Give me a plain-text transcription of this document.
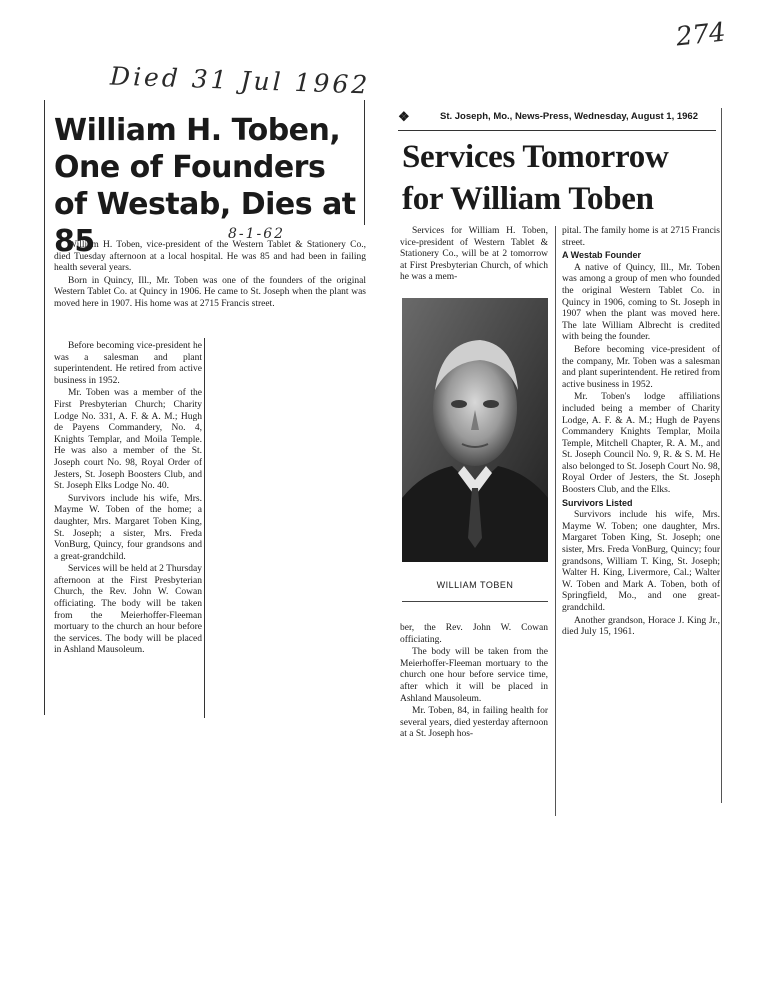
274
Died 31 Jul 1962
8-1-62
William H. Toben, One of Founders of Westab, Dies at 85

William H. Toben, vice-president of the Western Tablet & Stationery Co., died Tuesday afternoon at a local hospital. He was 85 and had been in failing health several years.

Born in Quincy, Ill., Mr. Toben was one of the founders of the original Western Tablet Co. at Quincy in 1906. He came to St. Joseph when the plant was moved here in 1907. His home was at 2715 Francis street.

Before becoming vice-president he was a salesman and plant superintendent. He retired from active business in 1952.

Mr. Toben was a member of the First Presbyterian Church; Charity Lodge No. 331, A. F. & A. M.; Hugh de Payens Commandery, No. 4, Knights Templar, and Moila Temple. He was also a member of the St. Joseph court No. 98, Royal Order of Jesters, St. Joseph Boosters Club, and St. Joseph Elks Lodge No. 40.

Survivors include his wife, Mrs. Mayme W. Toben of the home; a daughter, Mrs. Margaret Toben King, St. Joseph; a sister, Mrs. Freda VonBurg, Quincy, four grandsons and a great-grandchild.

Services will be held at 2 Thursday afternoon at the First Presbyterian Church, the Rev. John W. Cowan officiating. The body will be taken from the Meierhoffer-Fleeman mortuary to the church an hour before the services. The body will be placed in Ashland Mausoleum.

❖	St. Joseph, Mo., News-Press, Wednesday, August 1, 1962
Services Tomorrow for William Toben

Services for William H. Toben, vice-president of Western Tablet & Stationery Co., will be at 2 tomorrow at First Presbyterian Church, of which he was a mem-

WILLIAM TOBEN

ber, the Rev. John W. Cowan officiating.

The body will be taken from the Meierhoffer-Fleeman mortuary to the church one hour before service time, after which it will be placed in Ashland Mausoleum.

Mr. Toben, 84, in failing health for several years, died yesterday afternoon at a St. Joseph hos-

pital. The family home is at 2715 Francis street.

A Westab Founder

A native of Quincy, Ill., Mr. Toben was among a group of men who founded the original Western Tablet Co. in Quincy in 1906, coming to St. Joseph in 1907 when the plant was moved here. The late William Albrecht is credited with being the founder.

Before becoming vice-president of the company, Mr. Toben was a salesman and plant superintendent. He retired from active business in 1952.

Mr. Toben's lodge affiliations included being a member of Charity Lodge, A. F. & A. M.; Hugh de Payens Commandery Knights Templar, Moila Temple, Mitchell Chapter, R. A. M., and St. Joseph Council No. 9, R. & S. M. He also belonged to St. Joseph Court No. 98, Royal Order of Jesters, the St. Joseph Boosters Club, and the Elks.

Survivors Listed

Survivors include his wife, Mrs. Mayme W. Toben; one daughter, Mrs. Margaret Toben King, St. Joseph; one sister, Mrs. Freda VonBurg, Quincy; four grandsons, William T. King, St. Joseph; Walter H. King, Livermore, Cal.; Walter W. Toben and Mark A. Toben, both of Springfield, Mo., and one great-grandchild.

Another grandson, Horace J. King Jr., died July 15, 1961.
